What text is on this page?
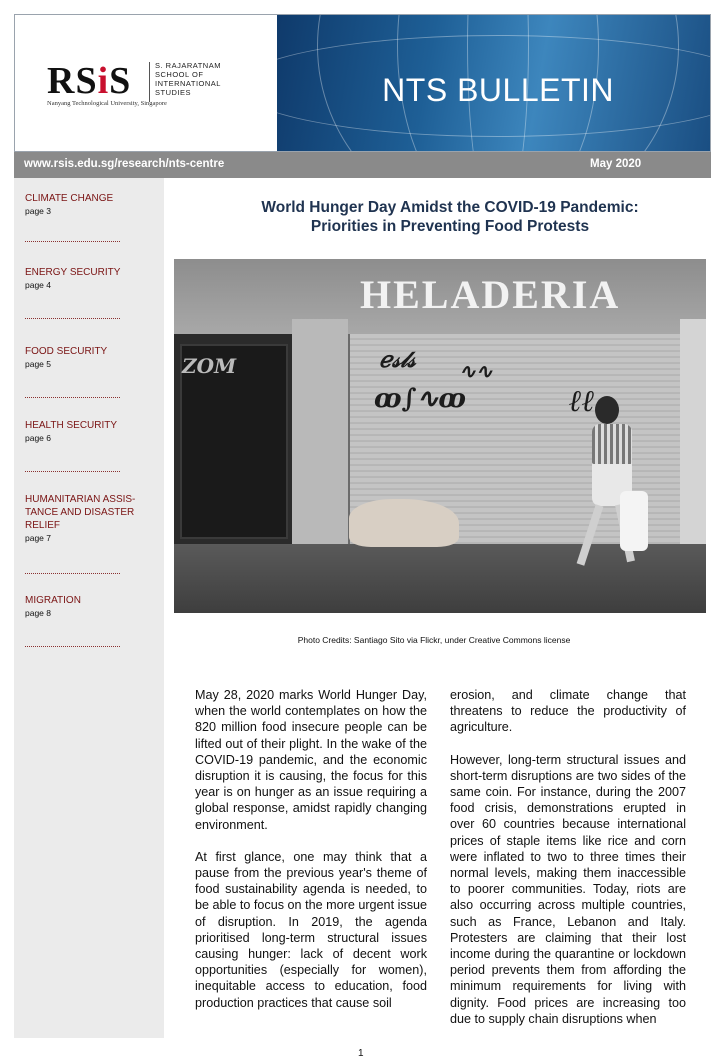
RSiS	S. RAJARATNAM
SCHOOL OF
INTERNATIONAL
STUDIES
Nanyang Technological University, Singapore	NTS BULLETIN
www.rsis.edu.sg/research/nts-centre	May 2020
CLIMATE CHANGE
page 3
ENERGY SECURITY
page 4
FOOD SECURITY
page 5
HEALTH SECURITY
page 6
HUMANITARIAN ASSIS-
TANCE AND DISASTER
RELIEF
page 7
MIGRATION
page 8
World Hunger Day Amidst the COVID-19 Pandemic:
Priorities in Preventing Food Protests
HELADERIA
ℯ𝓈𝓁𝓈 ∿∿
ꝏ∫∿ꝏ	ℓℓ
ZOM
Photo Credits: Santiago Sito via Flickr, under Creative Commons license

May 28, 2020 marks World Hunger Day, when the world contemplates on how the 820 million food insecure people can be lifted out of their plight. In the wake of the COVID-19 pandemic, and the economic disruption it is causing, the focus for this year is on hunger as an issue requiring a global response, amidst rapidly changing environment.

At first glance, one may think that a pause from the previous year's theme of food sustainability agenda is needed, to be able to focus on the more urgent issue of disruption. In 2019, the agenda prioritised long-term structural issues causing hunger: lack of decent work opportunities (especially for women), inequitable access to education, food production practices that cause soil

erosion, and climate change that threatens to reduce the productivity of agriculture.

However, long-term structural issues and short-term disruptions are two sides of the same coin. For instance, during the 2007 food crisis, demonstrations erupted in over 60 countries because international prices of staple items like rice and corn were inflated to two to three times their normal levels, making them inaccessible to poorer communities. Today, riots are also occurring across multiple countries, such as France, Lebanon and Italy. Protesters are claiming that their lost income during the quarantine or lockdown period prevents them from affording the minimum requirements for living with dignity. Food prices are increasing too due to supply chain disruptions when

1
